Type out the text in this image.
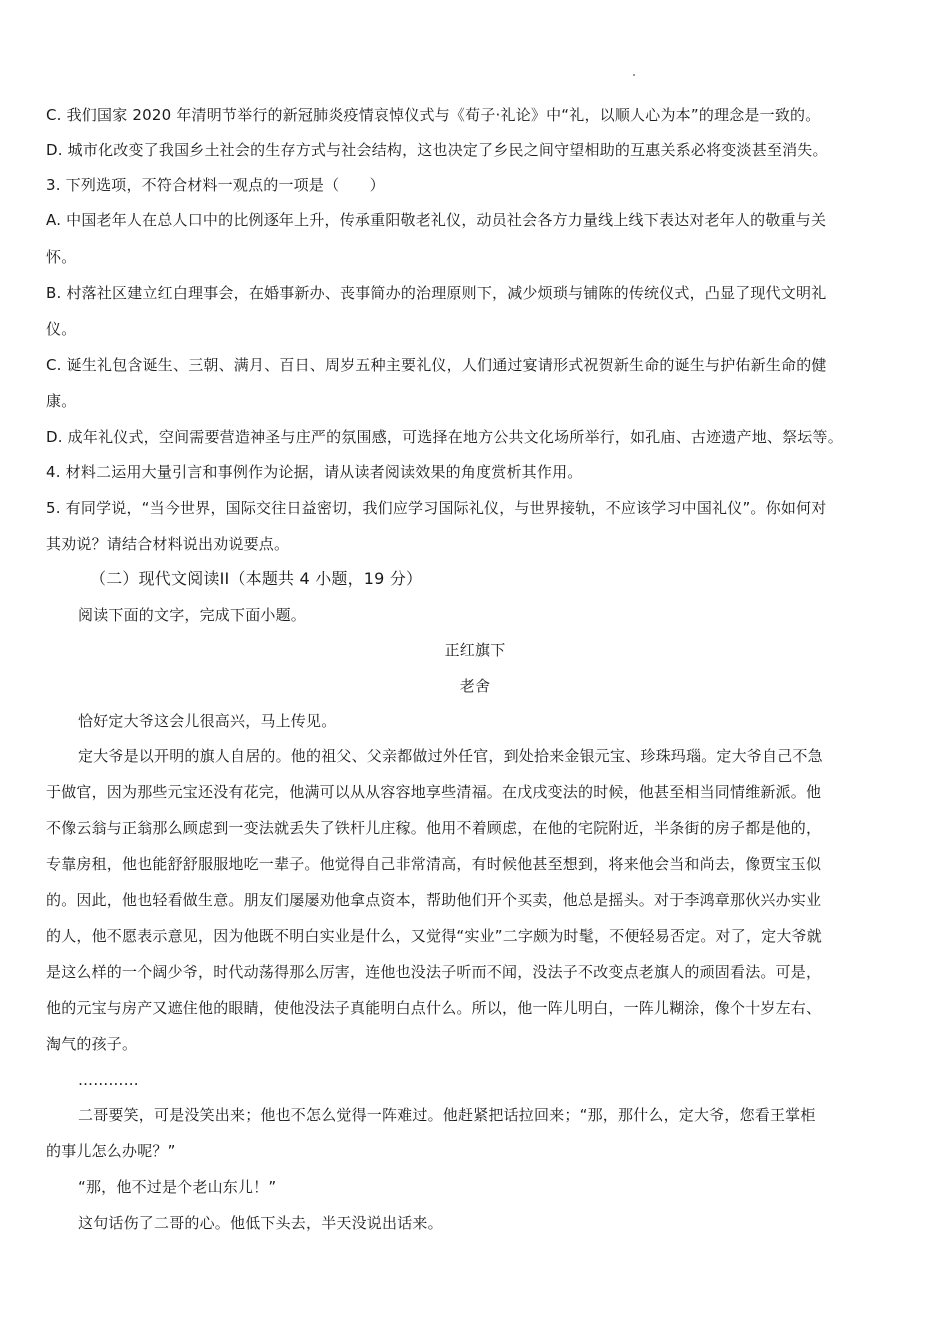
C. 我们国家 2020 年清明节举行的新冠肺炎疫情哀悼仪式与《荀子·礼论》中“礼，以顺人心为本”的理念是一致的。
D. 城市化改变了我国乡土社会的生存方式与社会结构，这也决定了乡民之间守望相助的互惠关系必将变淡甚至消失。
3. 下列选项，不符合材料一观点的一项是（　　）
A. 中国老年人在总人口中的比例逐年上升，传承重阳敬老礼仪，动员社会各方力量线上线下表达对老年人的敬重与关
怀。
B. 村落社区建立红白理事会，在婚事新办、丧事简办的治理原则下，减少烦琐与铺陈的传统仪式，凸显了现代文明礼
仪。
C. 诞生礼包含诞生、三朝、满月、百日、周岁五种主要礼仪，人们通过宴请形式祝贺新生命的诞生与护佑新生命的健
康。
D. 成年礼仪式，空间需要营造神圣与庄严的氛围感，可选择在地方公共文化场所举行，如孔庙、古迹遗产地、祭坛等。
4. 材料二运用大量引言和事例作为论据，请从读者阅读效果的角度赏析其作用。
5. 有同学说，“当今世界，国际交往日益密切，我们应学习国际礼仪，与世界接轨，不应该学习中国礼仪”。你如何对
其劝说？请结合材料说出劝说要点。
（二）现代文阅读II（本题共 4 小题，19 分）
阅读下面的文字，完成下面小题。
正红旗下
老舍
恰好定大爷这会儿很高兴，马上传见。
定大爷是以开明的旗人自居的。他的祖父、父亲都做过外任官，到处拾来金银元宝、珍珠玛瑙。定大爷自己不急
于做官，因为那些元宝还没有花完，他满可以从从容容地享些清福。在戊戌变法的时候，他甚至相当同情维新派。他
不像云翁与正翁那么顾虑到一变法就丢失了铁杆儿庄稼。他用不着顾虑，在他的宅院附近，半条街的房子都是他的，
专靠房租，他也能舒舒服服地吃一辈子。他觉得自己非常清高，有时候他甚至想到，将来他会当和尚去，像贾宝玉似
的。因此，他也轻看做生意。朋友们屡屡劝他拿点资本，帮助他们开个买卖，他总是摇头。对于李鸿章那伙兴办实业
的人，他不愿表示意见，因为他既不明白实业是什么，又觉得“实业”二字颇为时髦，不便轻易否定。对了，定大爷就
是这么样的一个阔少爷，时代动荡得那么厉害，连他也没法子听而不闻，没法子不改变点老旗人的顽固看法。可是，
他的元宝与房产又遮住他的眼睛，使他没法子真能明白点什么。所以，他一阵儿明白，一阵儿糊涂，像个十岁左右、
淘气的孩子。
…………
二哥要笑，可是没笑出来；他也不怎么觉得一阵难过。他赶紧把话拉回来；“那，那什么，定大爷，您看王掌柜
的事儿怎么办呢？”
“那，他不过是个老山东儿！”
这句话伤了二哥的心。他低下头去，半天没说出话来。
